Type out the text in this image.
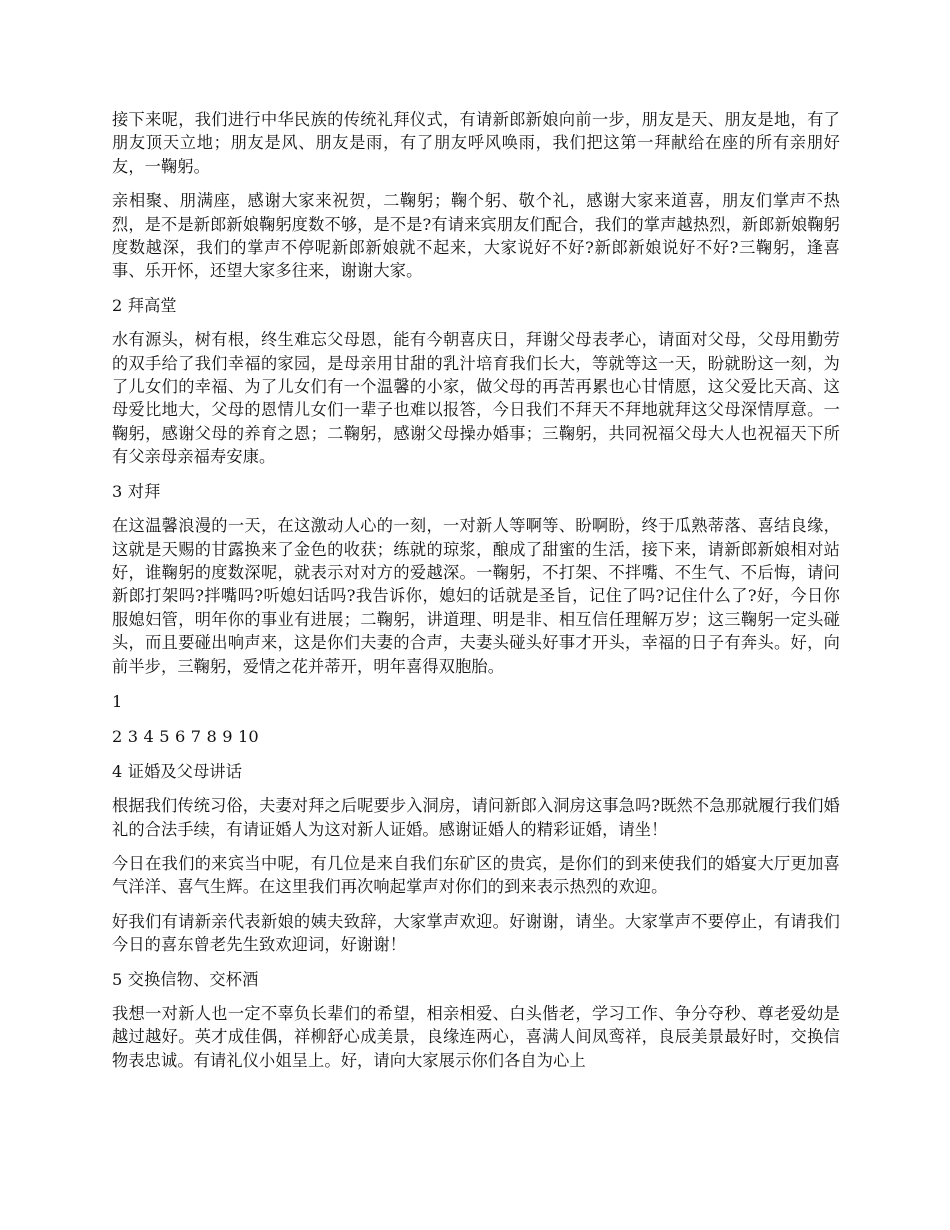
接下来呢，我们进行中华民族的传统礼拜仪式，有请新郎新娘向前一步，朋友是天、朋友是地，有了朋友顶天立地；朋友是风、朋友是雨，有了朋友呼风唤雨，我们把这第一拜献给在座的所有亲朋好友，一鞠躬。

亲相聚、朋满座，感谢大家来祝贺，二鞠躬；鞠个躬、敬个礼，感谢大家来道喜，朋友们掌声不热烈，是不是新郎新娘鞠躬度数不够，是不是?有请来宾朋友们配合，我们的掌声越热烈，新郎新娘鞠躬度数越深，我们的掌声不停呢新郎新娘就不起来，大家说好不好?新郎新娘说好不好?三鞠躬，逢喜事、乐开怀，还望大家多往来，谢谢大家。

2 拜高堂

水有源头，树有根，终生难忘父母恩，能有今朝喜庆日，拜谢父母表孝心，请面对父母，父母用勤劳的双手给了我们幸福的家园，是母亲用甘甜的乳汁培育我们长大，等就等这一天，盼就盼这一刻，为了儿女们的幸福、为了儿女们有一个温馨的小家，做父母的再苦再累也心甘情愿，这父爱比天高、这母爱比地大，父母的恩情儿女们一辈子也难以报答，今日我们不拜天不拜地就拜这父母深情厚意。一鞠躬，感谢父母的养育之恩；二鞠躬，感谢父母操办婚事；三鞠躬，共同祝福父母大人也祝福天下所有父亲母亲福寿安康。

3 对拜

在这温馨浪漫的一天，在这激动人心的一刻，一对新人等啊等、盼啊盼，终于瓜熟蒂落、喜结良缘，这就是天赐的甘露换来了金色的收获；练就的琼浆，酿成了甜蜜的生活，接下来，请新郎新娘相对站好，谁鞠躬的度数深呢，就表示对对方的爱越深。一鞠躬，不打架、不拌嘴、不生气、不后悔，请问新郎打架吗?拌嘴吗?听媳妇话吗?我告诉你，媳妇的话就是圣旨，记住了吗?记住什么了?好，今日你服媳妇管，明年你的事业有进展；二鞠躬，讲道理、明是非、相互信任理解万岁；这三鞠躬一定头碰头，而且要碰出响声来，这是你们夫妻的合声，夫妻头碰头好事才开头，幸福的日子有奔头。好，向前半步，三鞠躬，爱情之花并蒂开，明年喜得双胞胎。

1

2 3 4 5 6 7 8 9 10

4 证婚及父母讲话

根据我们传统习俗，夫妻对拜之后呢要步入洞房，请问新郎入洞房这事急吗?既然不急那就履行我们婚礼的合法手续，有请证婚人为这对新人证婚。感谢证婚人的精彩证婚，请坐！

今日在我们的来宾当中呢，有几位是来自我们东矿区的贵宾，是你们的到来使我们的婚宴大厅更加喜气洋洋、喜气生辉。在这里我们再次响起掌声对你们的到来表示热烈的欢迎。

好我们有请新亲代表新娘的姨夫致辞，大家掌声欢迎。好谢谢，请坐。大家掌声不要停止，有请我们今日的喜东曾老先生致欢迎词，好谢谢！

5 交换信物、交杯酒

我想一对新人也一定不辜负长辈们的希望，相亲相爱、白头偕老，学习工作、争分夺秒、尊老爱幼是越过越好。英才成佳偶，祥柳舒心成美景，良缘连两心，喜满人间凤鸾祥，良辰美景最好时，交换信物表忠诚。有请礼仪小姐呈上。好，请向大家展示你们各自为心上
